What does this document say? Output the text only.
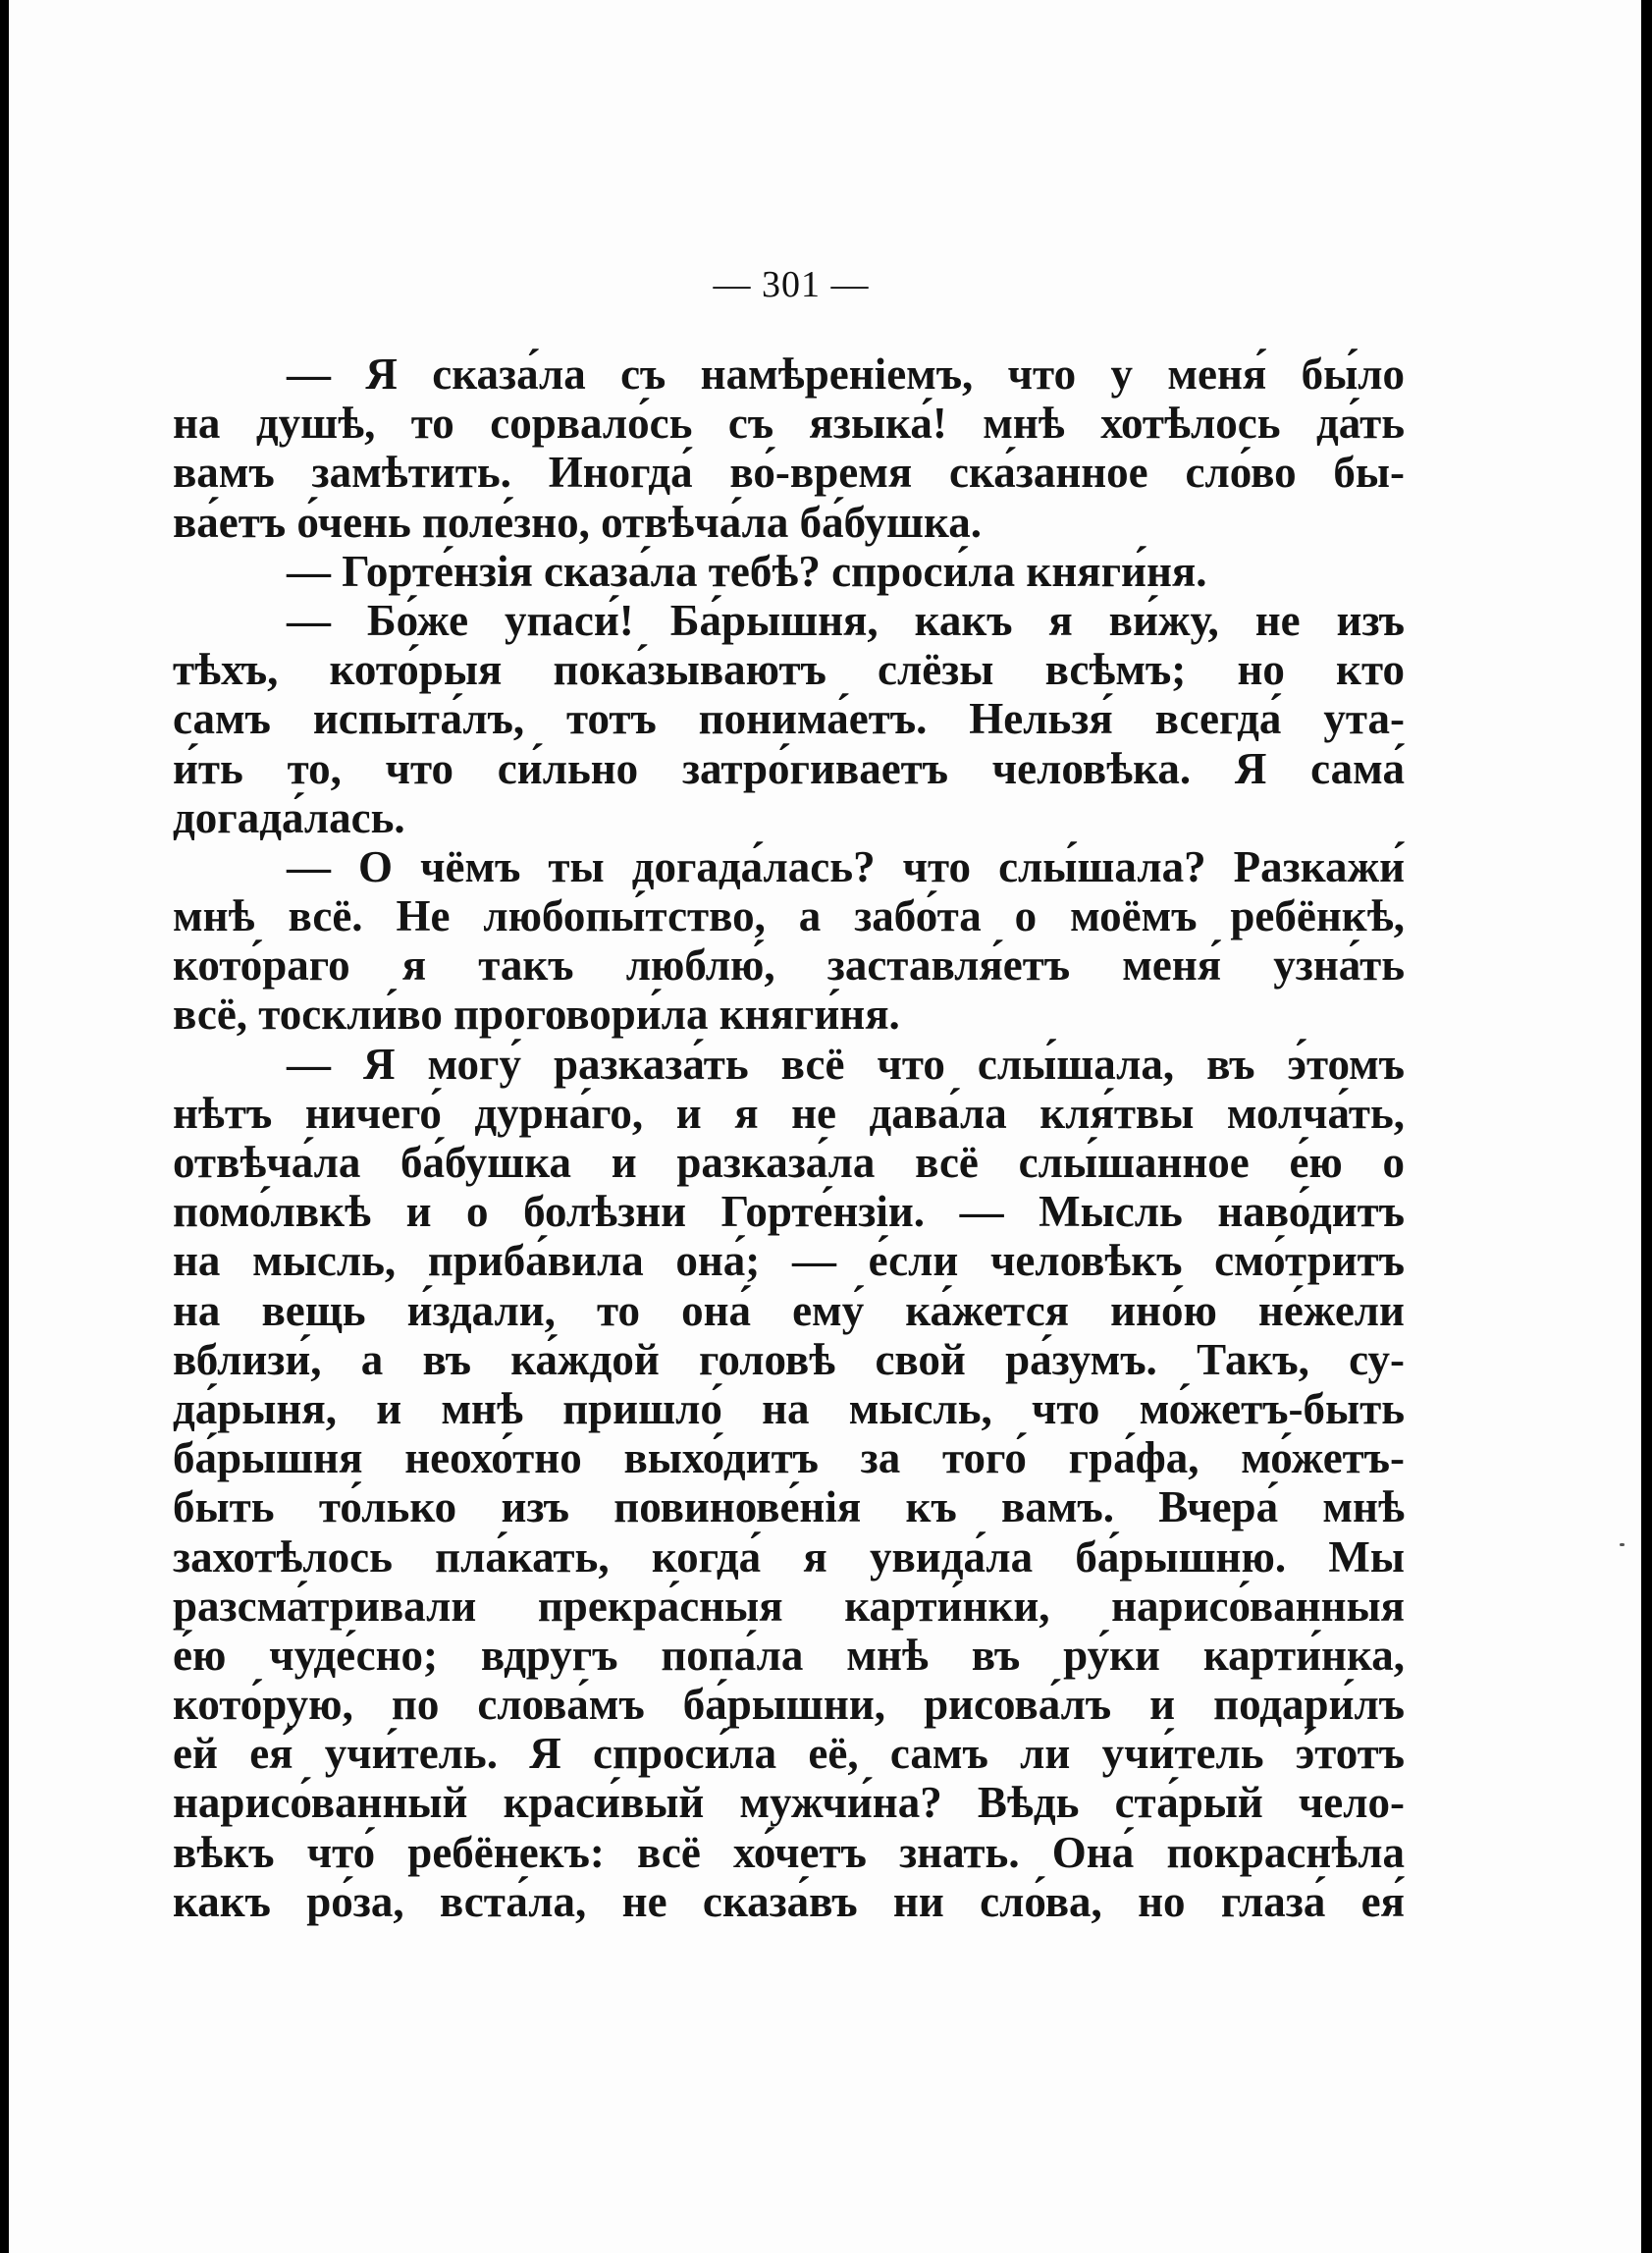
— 301 —
— Я сказа́ла съ намѣреніемъ, что у меня́ бы́ло
на душѣ, то сорвало́сь съ языка́! мнѣ хотѣлось да́ть
вамъ замѣтить. Иногда́ во́-время ска́занное сло́во бы-
ва́етъ о́чень поле́зно, отвѣча́ла ба́бушка.
— Горте́нзія сказа́ла тебѣ? спроси́ла княги́ня.
— Бо́же упаси́! Ба́рышня, какъ я ви́жу, не изъ
тѣхъ, кото́рыя пока́зываютъ слёзы всѣмъ; но кто
самъ испыта́лъ, тотъ понима́етъ. Нельзя́ всегда́ ута-
и́ть то, что си́льно затро́гиваетъ человѣка. Я сама́
догада́лась.
— О чёмъ ты догада́лась? что слы́шала? Разкажи́
мнѣ всё. Не любопы́тство, а забо́та о моёмъ ребёнкѣ,
кото́раго я такъ люблю́, заставля́етъ меня́ узна́ть
всё, тоскли́во проговори́ла княги́ня.
— Я могу́ разказа́ть всё что слы́шала, въ э́томъ
нѣтъ ничего́ дурна́го, и я не дава́ла кля́твы молча́ть,
отвѣча́ла ба́бушка и разказа́ла всё слы́шанное е́ю о
помо́лвкѣ и о болѣзни Горте́нзіи. — Мысль наво́дитъ
на мысль, приба́вила она́; — е́сли человѣкъ смо́тритъ
на вещь и́здали, то она́ ему́ ка́жется ино́ю не́жели
вблизи́, а въ ка́ждой головѣ свой ра́зумъ. Такъ, су-
да́рыня, и мнѣ пришло́ на мысль, что мо́жетъ-быть
ба́рышня неохо́тно выхо́дитъ за того́ гра́фа, мо́жетъ-
быть то́лько изъ повинове́нія къ вамъ. Вчера́ мнѣ
захотѣлось пла́кать, когда́ я увида́ла ба́рышню. Мы
разсма́тривали прекра́сныя карти́нки, нарисо́ванныя
е́ю чуде́сно; вдругъ попа́ла мнѣ въ ру́ки карти́нка,
кото́рую, по слова́мъ ба́рышни, рисова́лъ и подари́лъ
ей ея́ учи́тель. Я спроси́ла её, самъ ли учи́тель э́тотъ
нарисо́ванный краси́вый мужчи́на? Вѣдь ста́рый чело-
вѣкъ что́ ребёнекъ: всё хо́четъ знать. Она́ покраснѣла
какъ ро́за, вста́ла, не сказа́въ ни сло́ва, но глаза́ ея́
